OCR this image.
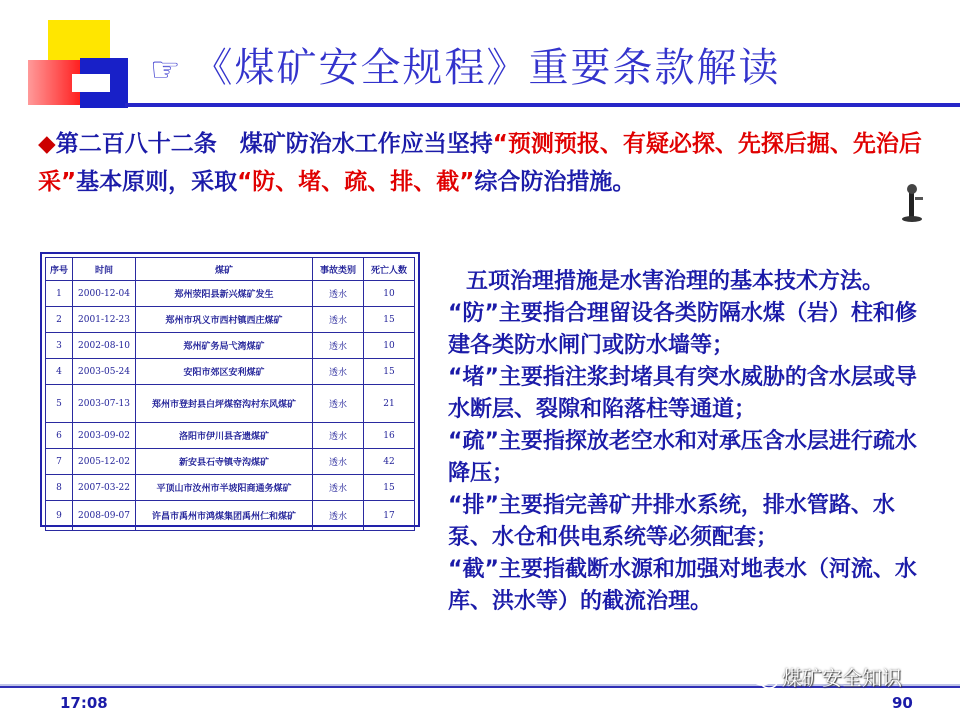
☞ 《煤矿安全规程》重要条款解读
◆第二百八十二条　煤矿防治水工作应当坚持“预测预报、有疑必探、先探后掘、先治后采”基本原则，采取“防、堵、疏、排、截”综合防治措施。
序号	时间	煤矿	事故类别	死亡人数
1	2000-12-04	郑州荥阳县新兴煤矿发生	透水	10
2	2001-12-23	郑州市巩义市西村镇西庄煤矿	透水	15
3	2002-08-10	郑州矿务局弋湾煤矿	透水	10
4	2003-05-24	安阳市郊区安利煤矿	透水	15
5	2003-07-13	郑州市登封县白坪煤窑沟村东风煤矿	透水	21
6	2003-09-02	洛阳市伊川县吝遗煤矿	透水	16
7	2005-12-02	新安县石寺镇寺沟煤矿	透水	42
8	2007-03-22	平顶山市汝州市半坡阳商通务煤矿	透水	15
9	2008-09-07	许昌市禹州市鸿煤集团禹州仁和煤矿	透水	17

五项治理措施是水害治理的基本技术方法。

“防”主要指合理留设各类防隔水煤（岩）柱和修建各类防水闸门或防水墙等；

“堵”主要指注浆封堵具有突水威胁的含水层或导水断层、裂隙和陷落柱等通道；

“疏”主要指探放老空水和对承压含水层进行疏水降压；

“排”主要指完善矿井排水系统，排水管路、水泵、水仓和供电系统等必须配套；

“截”主要指截断水源和加强对地表水（河流、水库、洪水等）的截流治理。

17:08	90
煤矿安全知识
